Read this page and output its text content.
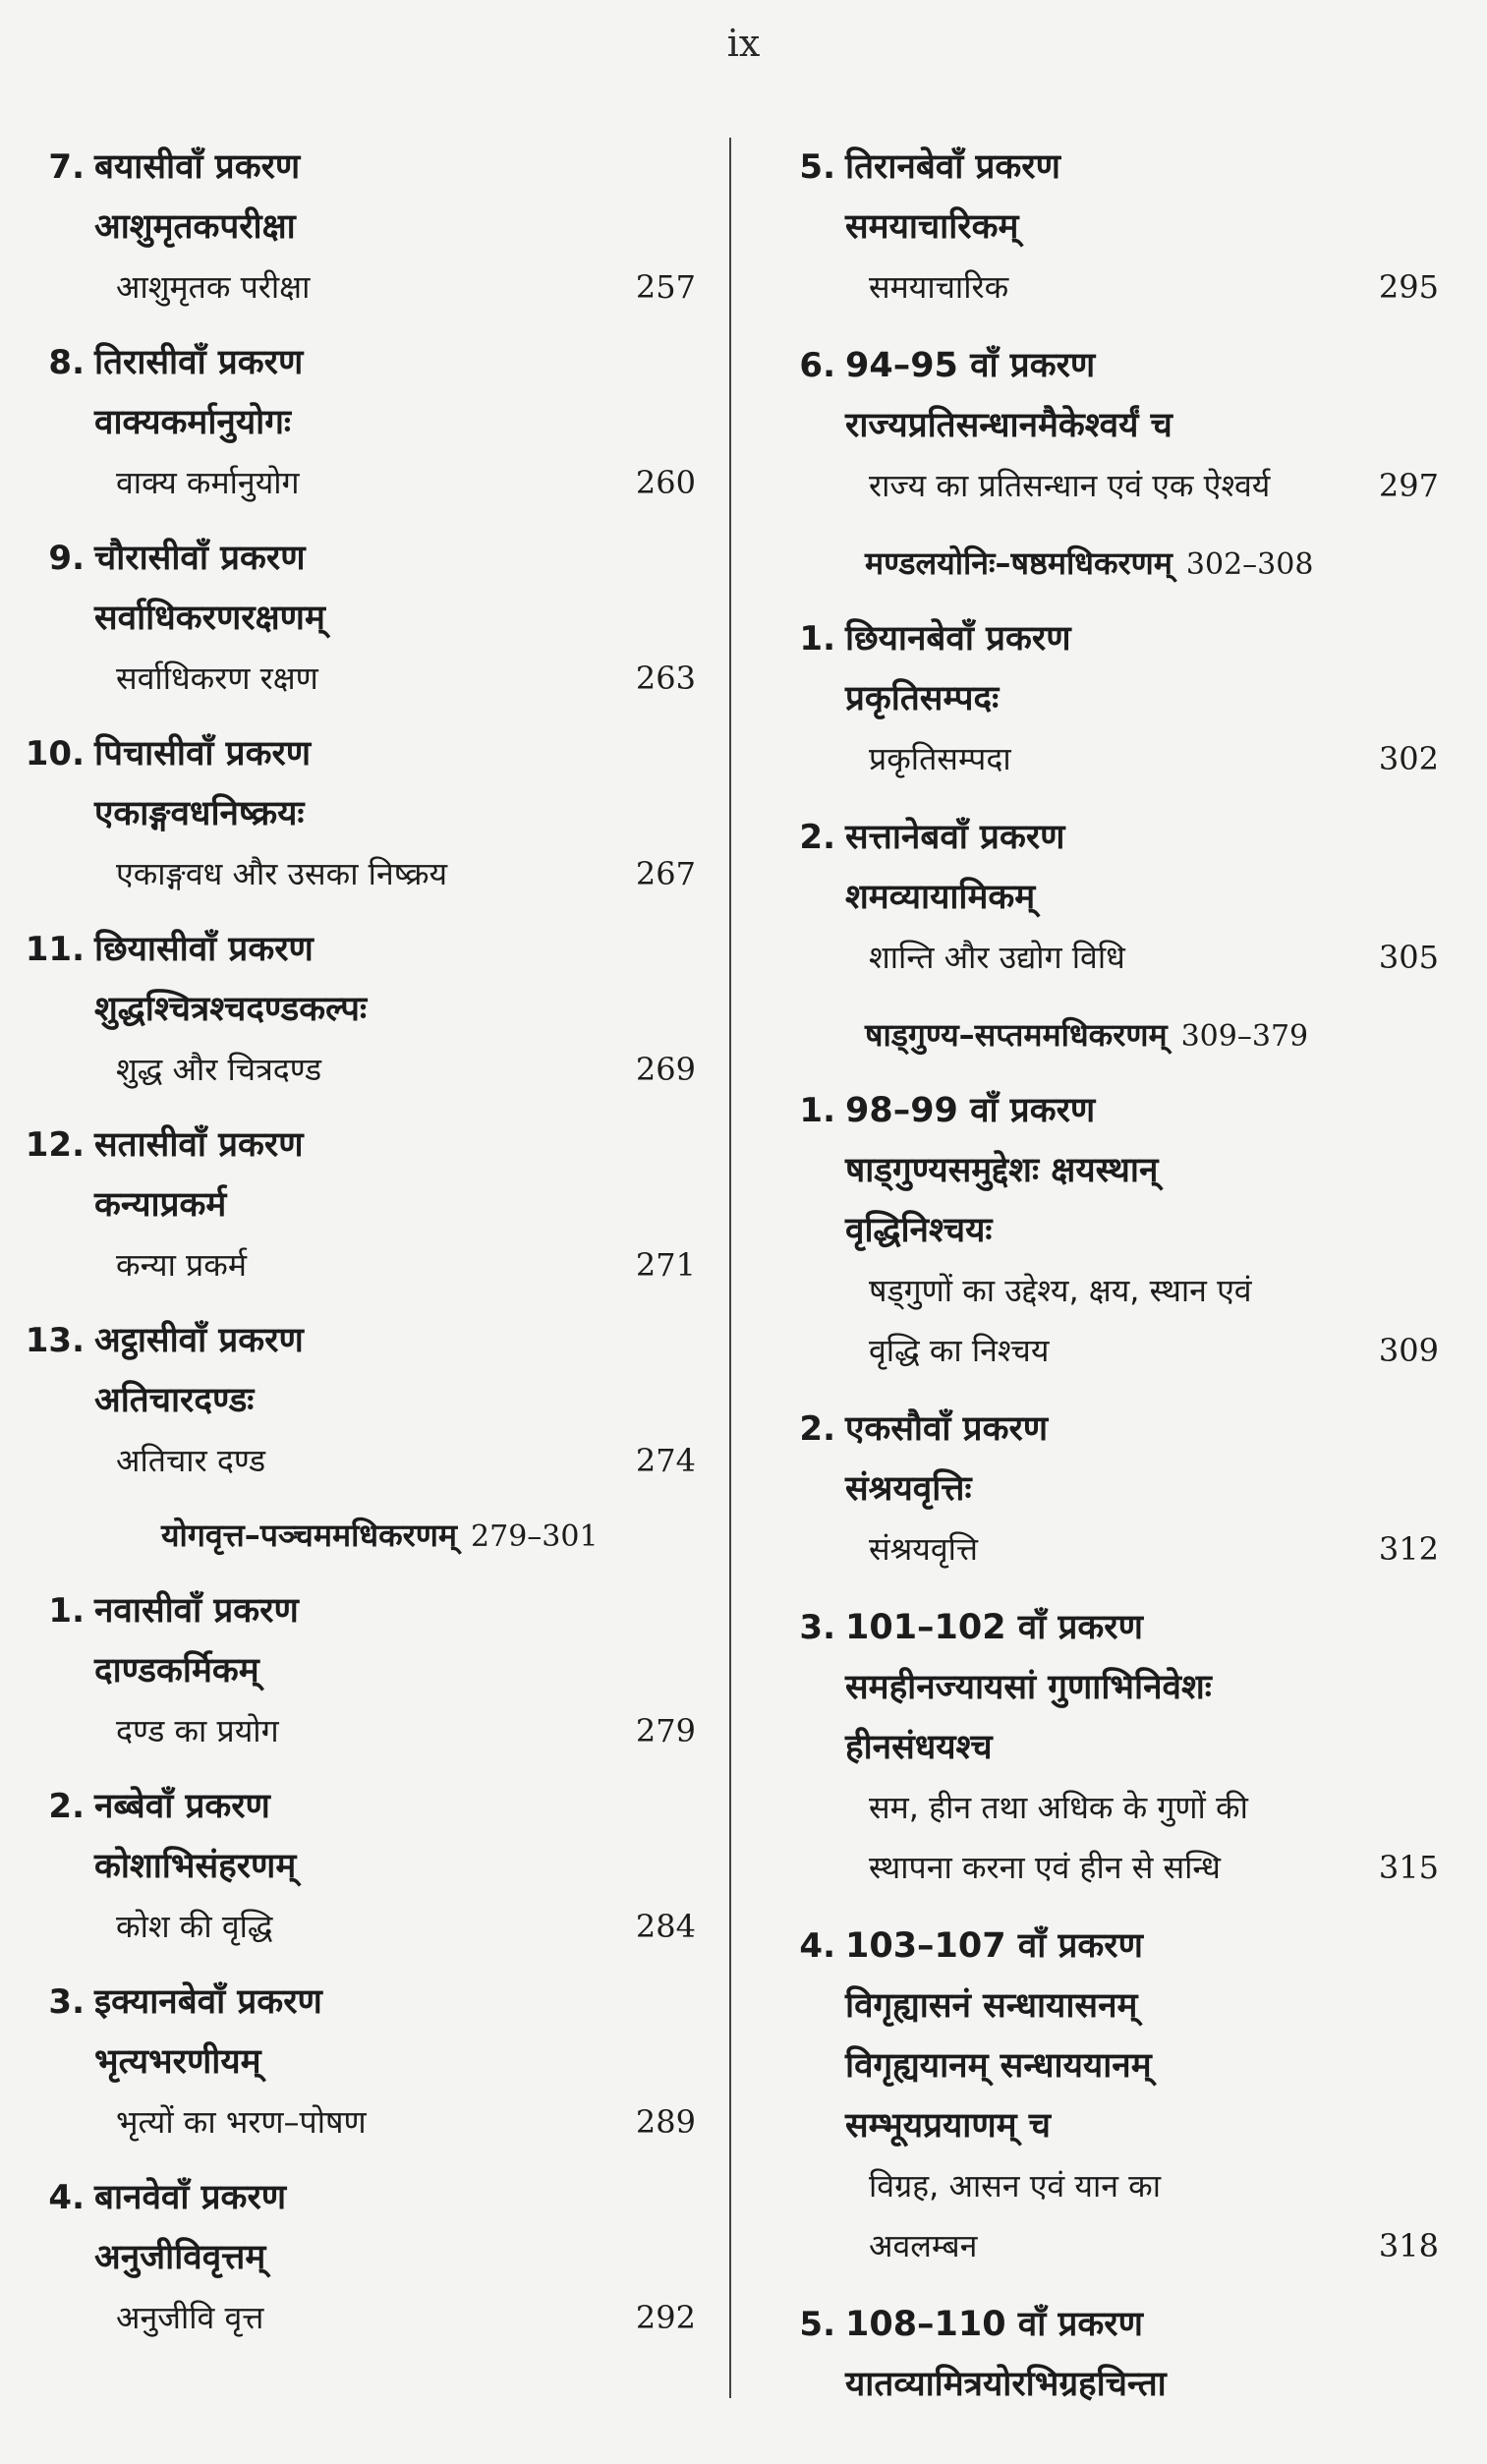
ix
7. बयासीवाँ प्रकरण
आशुमृतकपरीक्षा
आशुमृतक परीक्षा	257
8. तिरासीवाँ प्रकरण
वाक्यकर्मानुयोगः
वाक्य कर्मानुयोग	260
9. चौरासीवाँ प्रकरण
सर्वाधिकरणरक्षणम्
सर्वाधिकरण रक्षण	263
10. पिचासीवाँ प्रकरण
एकाङ्गवधनिष्क्रयः
एकाङ्गवध और उसका निष्क्रय	267
11. छियासीवाँ प्रकरण
शुद्धश्चित्रश्चदण्डकल्पः
शुद्ध और चित्रदण्ड	269
12. सतासीवाँ प्रकरण
कन्याप्रकर्म
कन्या प्रकर्म	271
13. अट्ठासीवाँ प्रकरण
अतिचारदण्डः
अतिचार दण्ड	274
योगवृत्त–पञ्चममधिकरणम् 279–301
1. नवासीवाँ प्रकरण
दाण्डकर्मिकम्
दण्ड का प्रयोग	279
2. नब्बेवाँ प्रकरण
कोशाभिसंहरणम्
कोश की वृद्धि	284
3. इक्यानबेवाँ प्रकरण
भृत्यभरणीयम्
भृत्यों का भरण–पोषण	289
4. बानवेवाँ प्रकरण
अनुजीविवृत्तम्
अनुजीवि वृत्त	292
5. तिरानबेवाँ प्रकरण
समयाचारिकम्
समयाचारिक	295
6. 94–95 वाँ प्रकरण
राज्यप्रतिसन्धानमैकेश्वर्यं च
राज्य का प्रतिसन्धान एवं एक ऐश्वर्य	297
मण्डलयोनिः–षष्ठमधिकरणम् 302–308
1. छियानबेवाँ प्रकरण
प्रकृतिसम्पदः
प्रकृतिसम्पदा	302
2. सत्तानेबवाँ प्रकरण
शमव्यायामिकम्
शान्ति और उद्योग विधि	305
षाड्गुण्य–सप्तममधिकरणम् 309–379
1. 98–99 वाँ प्रकरण
षाड्गुण्यसमुद्देशः क्षयस्थान्
वृद्धिनिश्चयः
षड्गुणों का उद्देश्य, क्षय, स्थान एवं
वृद्धि का निश्चय	309
2. एकसौवाँ प्रकरण
संश्रयवृत्तिः
संश्रयवृत्ति	312
3. 101–102 वाँ प्रकरण
समहीनज्यायसां गुणाभिनिवेशः
हीनसंधयश्च
सम, हीन तथा अधिक के गुणों की
स्थापना करना एवं हीन से सन्धि	315
4. 103–107 वाँ प्रकरण
विगृह्यासनं सन्धायासनम्
विगृह्ययानम् सन्धाययानम्
सम्भूयप्रयाणम् च
विग्रह, आसन एवं यान का
अवलम्बन	318
5. 108–110 वाँ प्रकरण
यातव्यामित्रयोरभिग्रहचिन्ता
